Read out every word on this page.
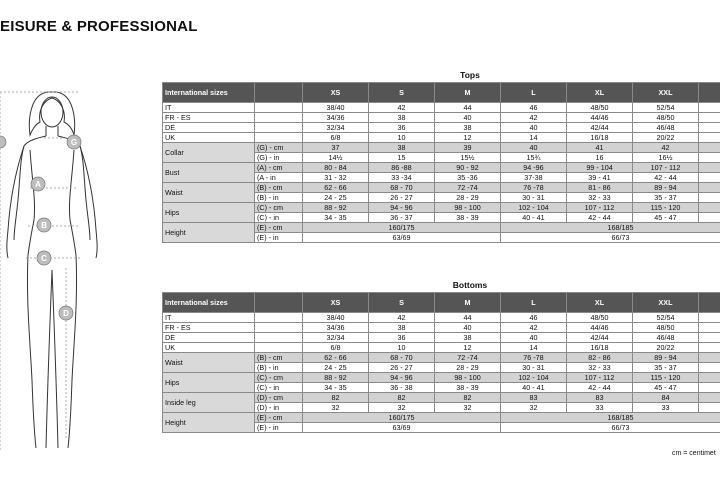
EISURE & PROFESSIONAL
A
B
C
D
G
Tops
International sizes		XS	S	M	L	XL	XXL	
IT		38/40	42	44	46	48/50	52/54	
FR - ES		34/36	38	40	42	44/46	48/50	
DE		32/34	36	38	40	42/44	46/48	
UK		6/8	10	12	14	16/18	20/22	
Collar	(G) - cm	37	38	39	40	41	42	
	(G) - in	14½	15	15½	15¾	16	16½	
Bust	(A) - cm	80 - 84	86 -88	90 - 92	94 -96	99 - 104	107 - 112	
	(A - in	31 - 32	33 -34	35 -36	37-38	39 - 41	42 - 44	
Waist	(B) - cm	62 - 66	68 - 70	72 -74	76 -78	81 - 86	89 - 94	
	(B) - in	24 - 25	26 - 27	28 - 29	30 - 31	32 - 33	35 - 37	
Hips	(C) - cm	88 - 92	94 - 96	98 - 100	102 - 104	107 - 112	115 - 120	
	(C) - in	34 - 35	36 - 37	38 - 39	40 - 41	42 - 44	45 - 47	
Height	(E) - cm	160/175			168/185			
	(E) - in	63/69			66/73			
Bottoms
International sizes		XS	S	M	L	XL	XXL	
IT		38/40	42	44	46	48/50	52/54	
FR - ES		34/36	38	40	42	44/46	48/50	
DE		32/34	36	38	40	42/44	46/48	
UK		6/8	10	12	14	16/18	20/22	
Waist	(B) - cm	62 - 66	68 - 70	72 -74	76 -78	82 - 86	89 - 94	
	(B) - in	24 - 25	26 - 27	28 - 29	30 - 31	32 - 33	35 - 37	
Hips	(C) - cm	88 - 92	94 - 96	98 - 100	102 - 104	107 - 112	115 - 120	
	(C) - in	34 - 35	36 - 38	38 - 39	40 - 41	42 - 44	45 - 47	
Inside leg	(D) - cm	82	82	82	83	83	84	
	(D) - in	32	32	32	32	33	33	
Height	(E) - cm	160/175			168/185			
	(E) - in	63/69			66/73			
cm = centimet
